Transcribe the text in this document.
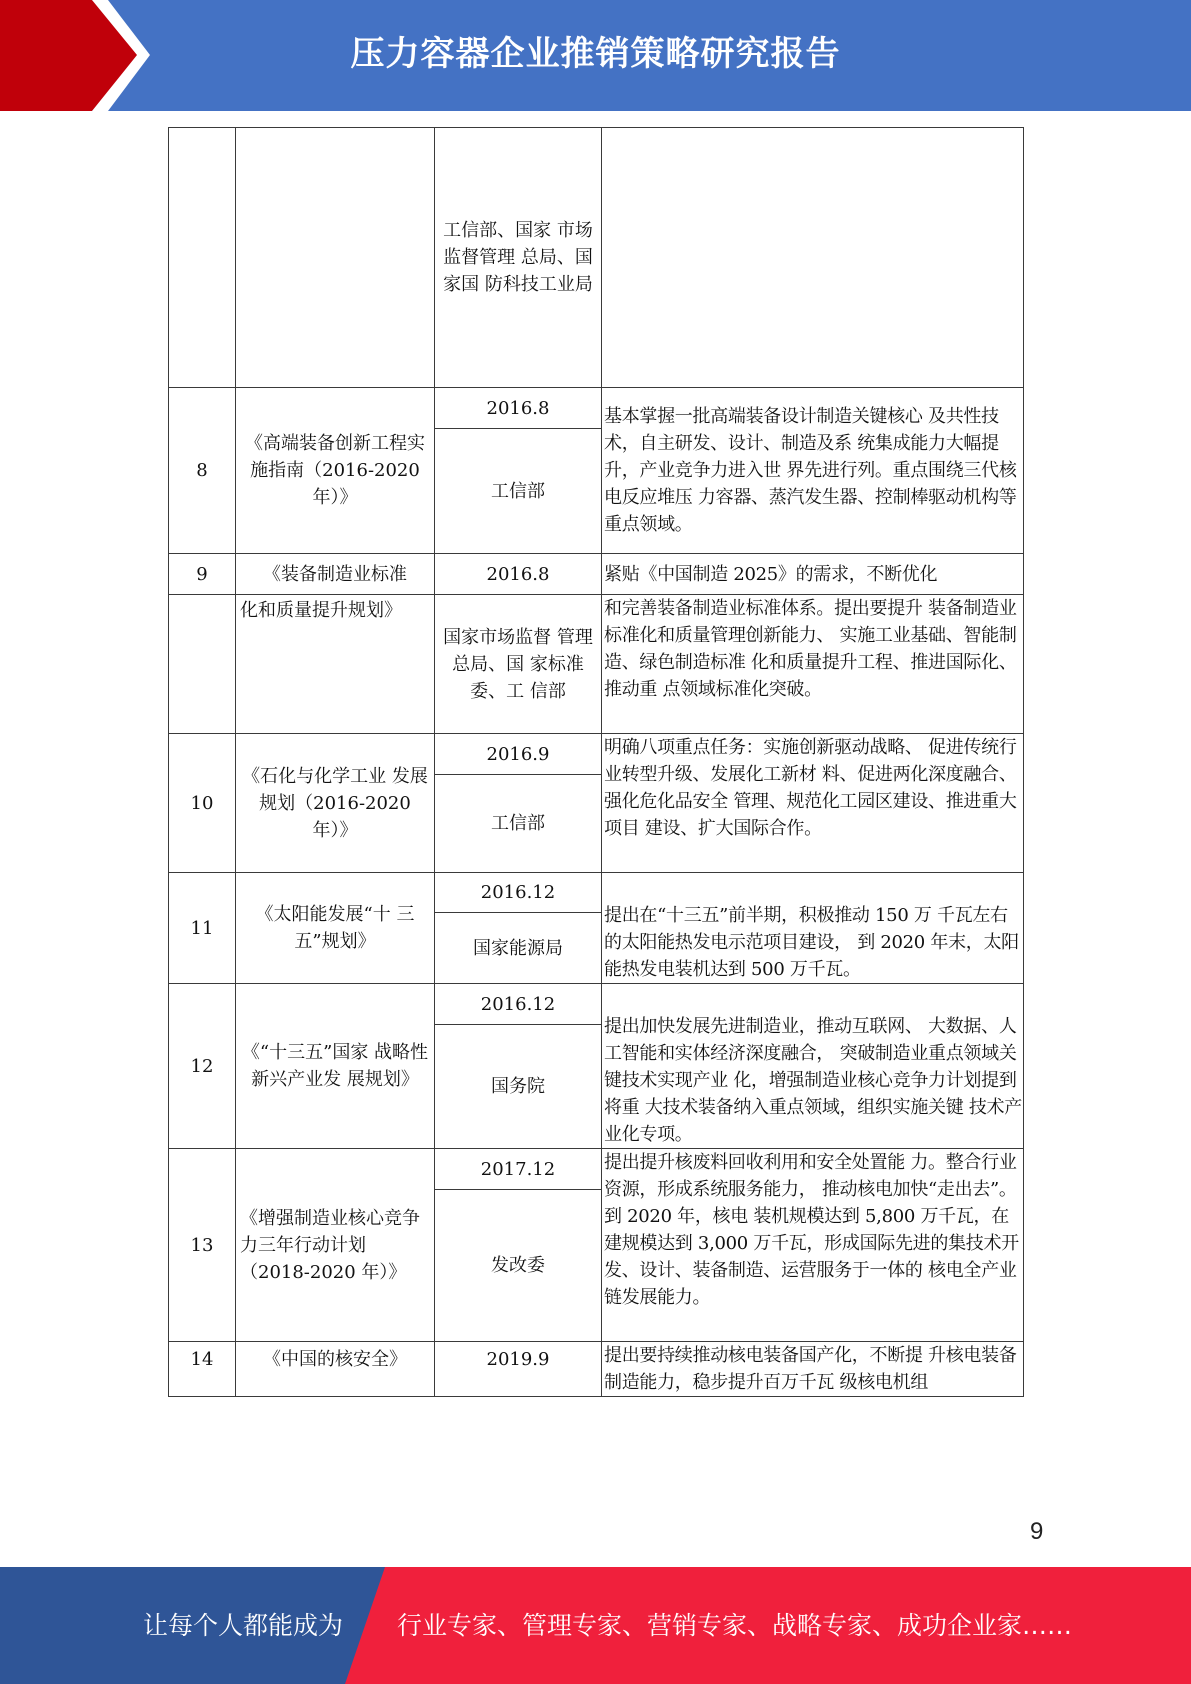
压力容器企业推销策略研究报告
		工信部、国家 市场监督管理 总局、国家国 防科技工业局	
8	《高端装备创新工程实施指南（2016-2020 年）》	2016.8	基本掌握一批高端装备设计制造关键核心 及共性技术，自主研发、设计、制造及系 统集成能力大幅提升，产业竞争力进入世 界先进行列。重点围绕三代核电反应堆压 力容器、蒸汽发生器、控制棒驱动机构等 重点领域。
		工信部	
9	《装备制造业标准	2016.8	紧贴《中国制造 2025》的需求，不断优化
	化和质量提升规划》	国家市场监督 管理总局、国 家标准委、工 信部	和完善装备制造业标准体系。提出要提升 装备制造业标准化和质量管理创新能力、 实施工业基础、智能制造、绿色制造标准 化和质量提升工程、推进国际化、推动重 点领域标准化突破。
10	《石化与化学工业 发展规划（2016-2020 年）》	2016.9	明确八项重点任务：实施创新驱动战略、 促进传统行业转型升级、发展化工新材 料、促进两化深度融合、强化危化品安全 管理、规范化工园区建设、推进重大项目 建设、扩大国际合作。
		工信部	
11	《太阳能发展“十 三五”规划》	2016.12	提出在“十三五”前半期，积极推动 150 万 千瓦左右的太阳能热发电示范项目建设， 到 2020 年末，太阳能热发电装机达到 500 万千瓦。
		国家能源局	
12	《“十三五”国家 战略性新兴产业发 展规划》	2016.12	提出加快发展先进制造业，推动互联网、 大数据、人工智能和实体经济深度融合， 突破制造业重点领域关键技术实现产业 化，增强制造业核心竞争力计划提到将重 大技术装备纳入重点领域，组织实施关键 技术产业化专项。
		国务院	
13	《增强制造业核心竞争力三年行动计划（2018-2020 年）》	2017.12	提出提升核废料回收利用和安全处置能 力。整合行业资源，形成系统服务能力， 推动核电加快“走出去”。到 2020 年，核电 装机规模达到 5,800 万千瓦，在建规模达到 3,000 万千瓦，形成国际先进的集技术开 发、设计、装备制造、运营服务于一体的 核电全产业链发展能力。
		发改委	
14	《中国的核安全》	2019.9	提出要持续推动核电装备国产化，不断提 升核电装备制造能力，稳步提升百万千瓦 级核电机组
9
让每个人都能成为 行业专家、管理专家、营销专家、战略专家、成功企业家……
